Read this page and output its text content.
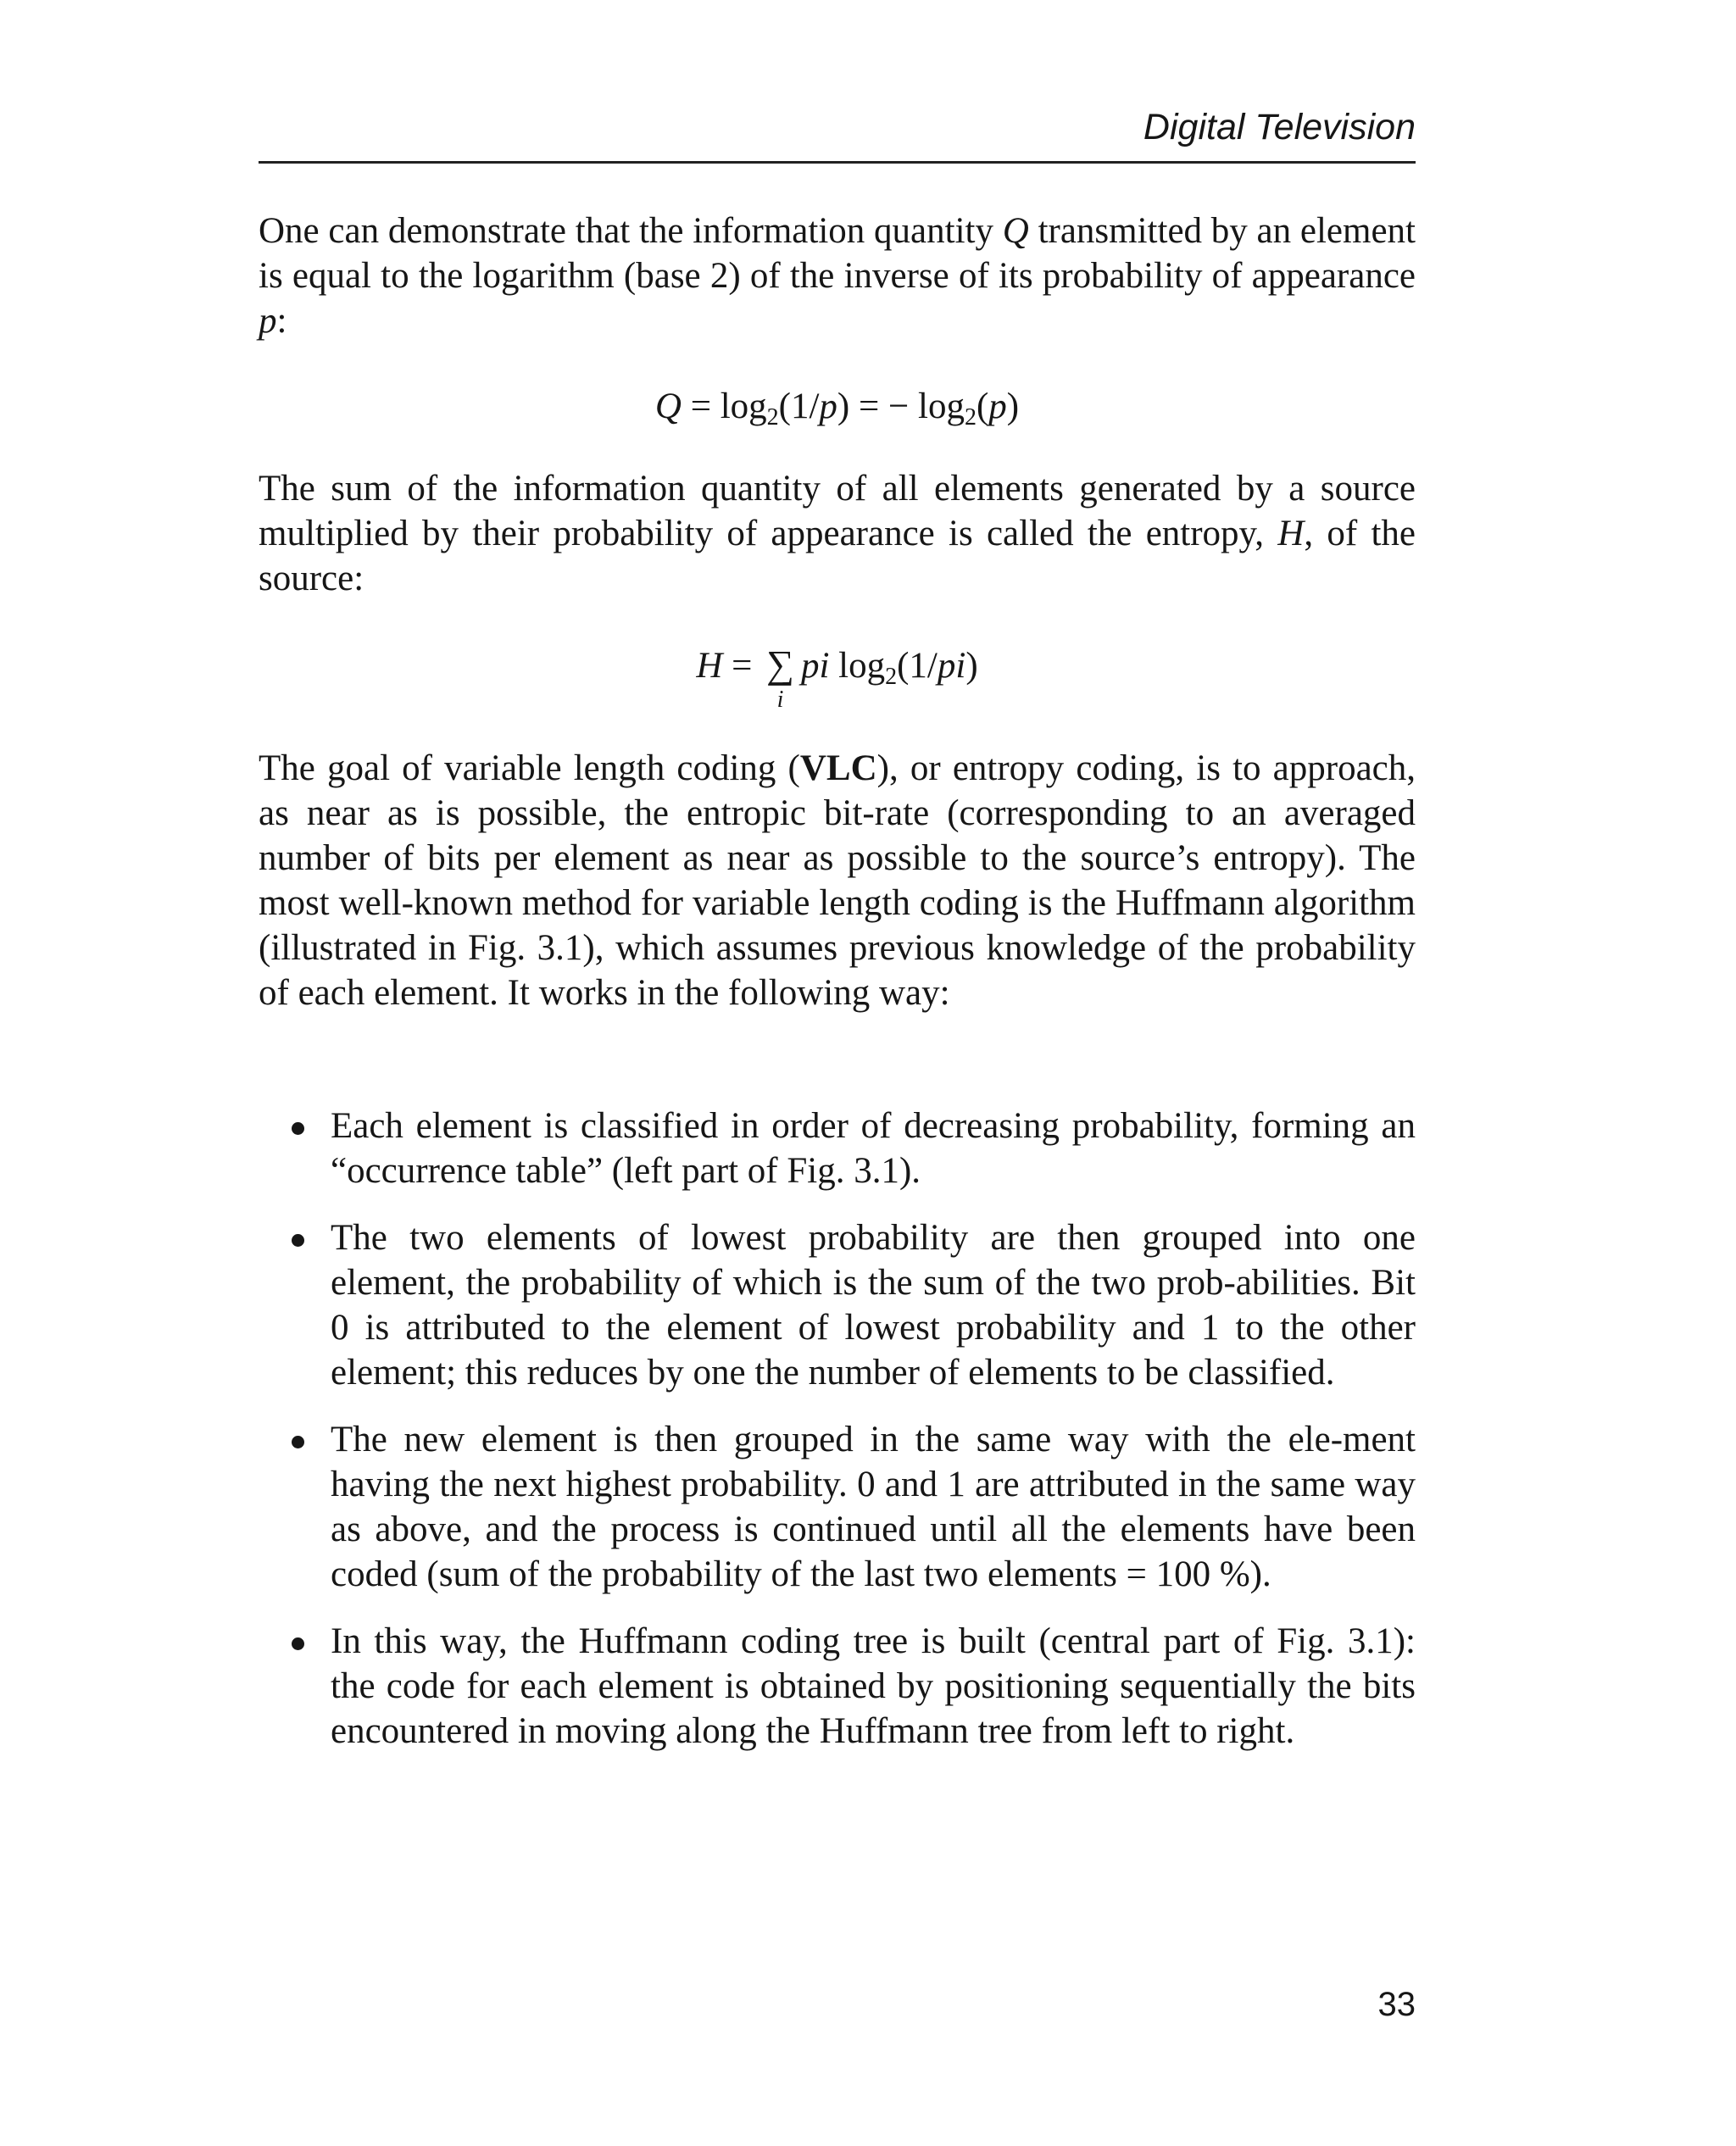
Digital Television

One can demonstrate that the information quantity Q transmitted by an element is equal to the logarithm (base 2) of the inverse of its probability of appearance p:

$Q = \log_2(1/p)$ = − $\log_2(p)$

The sum of the information quantity of all elements generated by a source multiplied by their probability of appearance is called the entropy, H, of the source:

H = ∑
i
pi $\log_2(1/pi)$

The goal of variable length coding (VLC), or entropy coding, is to approach, as near as is possible, the entropic bit-rate (corresponding to an averaged number of bits per element as near as possible to the source’s entropy). The most well-known method for variable length coding is the Huffmann algorithm (illustrated in Fig. 3.1), which assumes previous knowledge of the probability of each element. It works in the following way:

Each element is classified in order of decreasing probability, forming an “occurrence table” (left part of Fig. 3.1).
The two elements of lowest probability are then grouped into one element, the probability of which is the sum of the two prob-abilities. Bit 0 is attributed to the element of lowest probability and 1 to the other element; this reduces by one the number of elements to be classified.
The new element is then grouped in the same way with the ele-ment having the next highest probability. 0 and 1 are attributed in the same way as above, and the process is continued until all the elements have been coded (sum of the probability of the last two elements = 100 %).
In this way, the Huffmann coding tree is built (central part of Fig. 3.1): the code for each element is obtained by positioning sequentially the bits encountered in moving along the Huffmann tree from left to right.
33
